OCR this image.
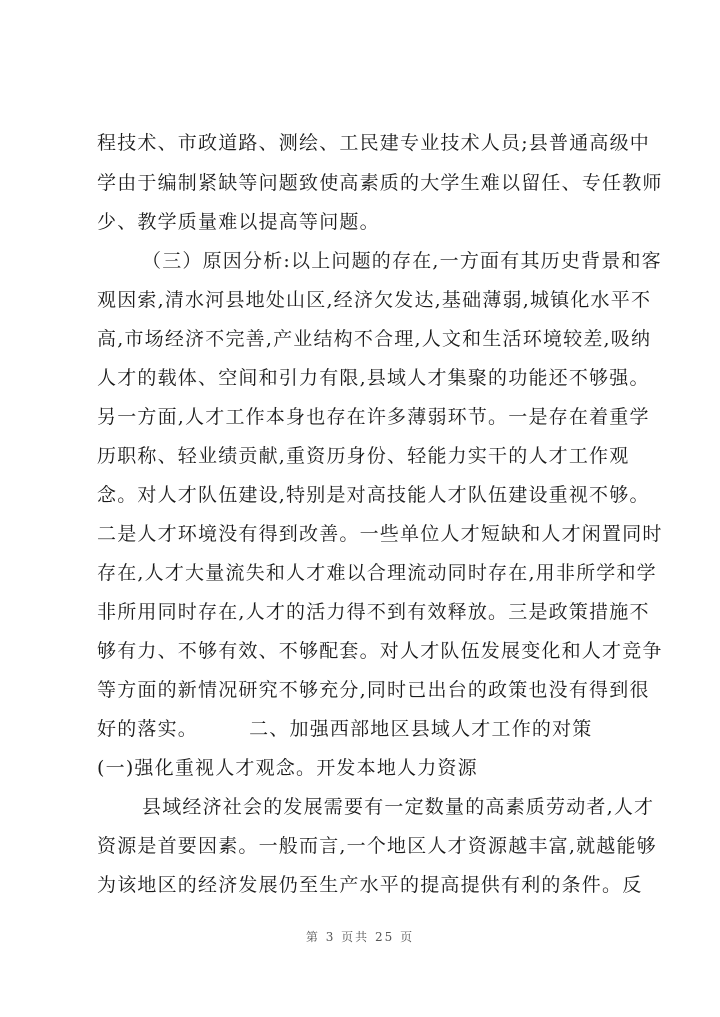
程技术、市政道路、测绘、工民建专业技术人员;县普通高级中
学由于编制紧缺等问题致使高素质的大学生难以留任、专任教师
少、教学质量难以提高等问题。
（三）原因分析:以上问题的存在,一方面有其历史背景和客
观因索,清水河县地处山区,经济欠发达,基础薄弱,城镇化水平不
高,市场经济不完善,产业结构不合理,人文和生活环境较差,吸纳
人才的载体、空间和引力有限,县域人才集聚的功能还不够强。
另一方面,人才工作本身也存在许多薄弱环节。一是存在着重学
历职称、轻业绩贡献,重资历身份、轻能力实干的人才工作观
念。对人才队伍建设,特别是对高技能人才队伍建设重视不够。
二是人才环境没有得到改善。一些单位人才短缺和人才闲置同时
存在,人才大量流失和人才难以合理流动同时存在,用非所学和学
非所用同时存在,人才的活力得不到有效释放。三是政策措施不
够有力、不够有效、不够配套。对人才队伍发展变化和人才竞争
等方面的新情况研究不够充分,同时已出台的政策也没有得到很
好的落实。　　　二、加强西部地区县域人才工作的对策
(一)强化重视人才观念。开发本地人力资源
县域经济社会的发展需要有一定数量的高素质劳动者,人才
资源是首要因素。一般而言,一个地区人才资源越丰富,就越能够
为该地区的经济发展仍至生产水平的提高提供有利的条件。反
第 3 页共 25 页
